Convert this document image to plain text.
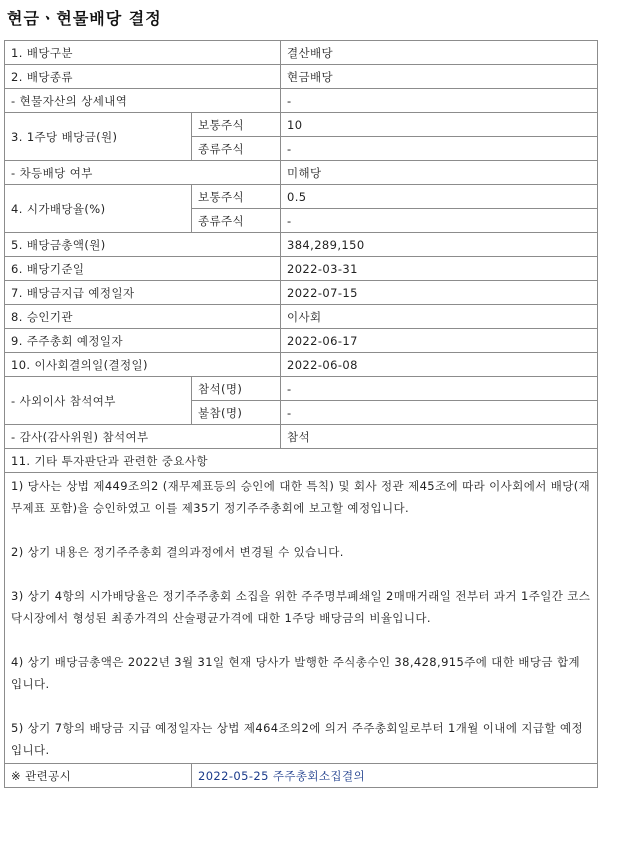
현금ㆍ현물배당 결정
1. 배당구분		결산배당
2. 배당종류		현금배당
- 현물자산의 상세내역		-
3. 1주당 배당금(원)	보통주식	10
	종류주식	-
- 차등배당 여부		미해당
4. 시가배당율(%)	보통주식	0.5
	종류주식	-
5. 배당금총액(원)		384,289,150
6. 배당기준일		2022-03-31
7. 배당금지급 예정일자		2022-07-15
8. 승인기관		이사회
9. 주주총회 예정일자		2022-06-17
10. 이사회결의일(결정일)		2022-06-08
- 사외이사 참석여부	참석(명)	-
	불참(명)	-
- 감사(감사위원) 참석여부		참석
11. 기타 투자판단과 관련한 중요사항		

1) 당사는 상법 제449조의2 (재무제표등의 승인에 대한 특칙) 및 회사 정관 제45조에 따라 이사회에서 배당(재무제표 포함)을 승인하였고 이를 제35기 정기주주총회에 보고할 예정입니다.

2) 상기 내용은 정기주주총회 결의과정에서 변경될 수 있습니다.

3) 상기 4항의 시가배당율은 정기주주총회 소집을 위한 주주명부폐쇄일 2매매거래일 전부터 과거 1주일간 코스닥시장에서 형성된 최종가격의 산술평균가격에 대한 1주당 배당금의 비율입니다.

4) 상기 배당금총액은 2022년 3월 31일 현재 당사가 발행한 주식총수인 38,428,915주에 대한 배당금 합계입니다.

5) 상기 7항의 배당금 지급 예정일자는 상법 제464조의2에 의거 주주총회일로부터 1개월 이내에 지급할 예정입니다.		

※ 관련공시	2022-05-25 주주총회소집결의	
